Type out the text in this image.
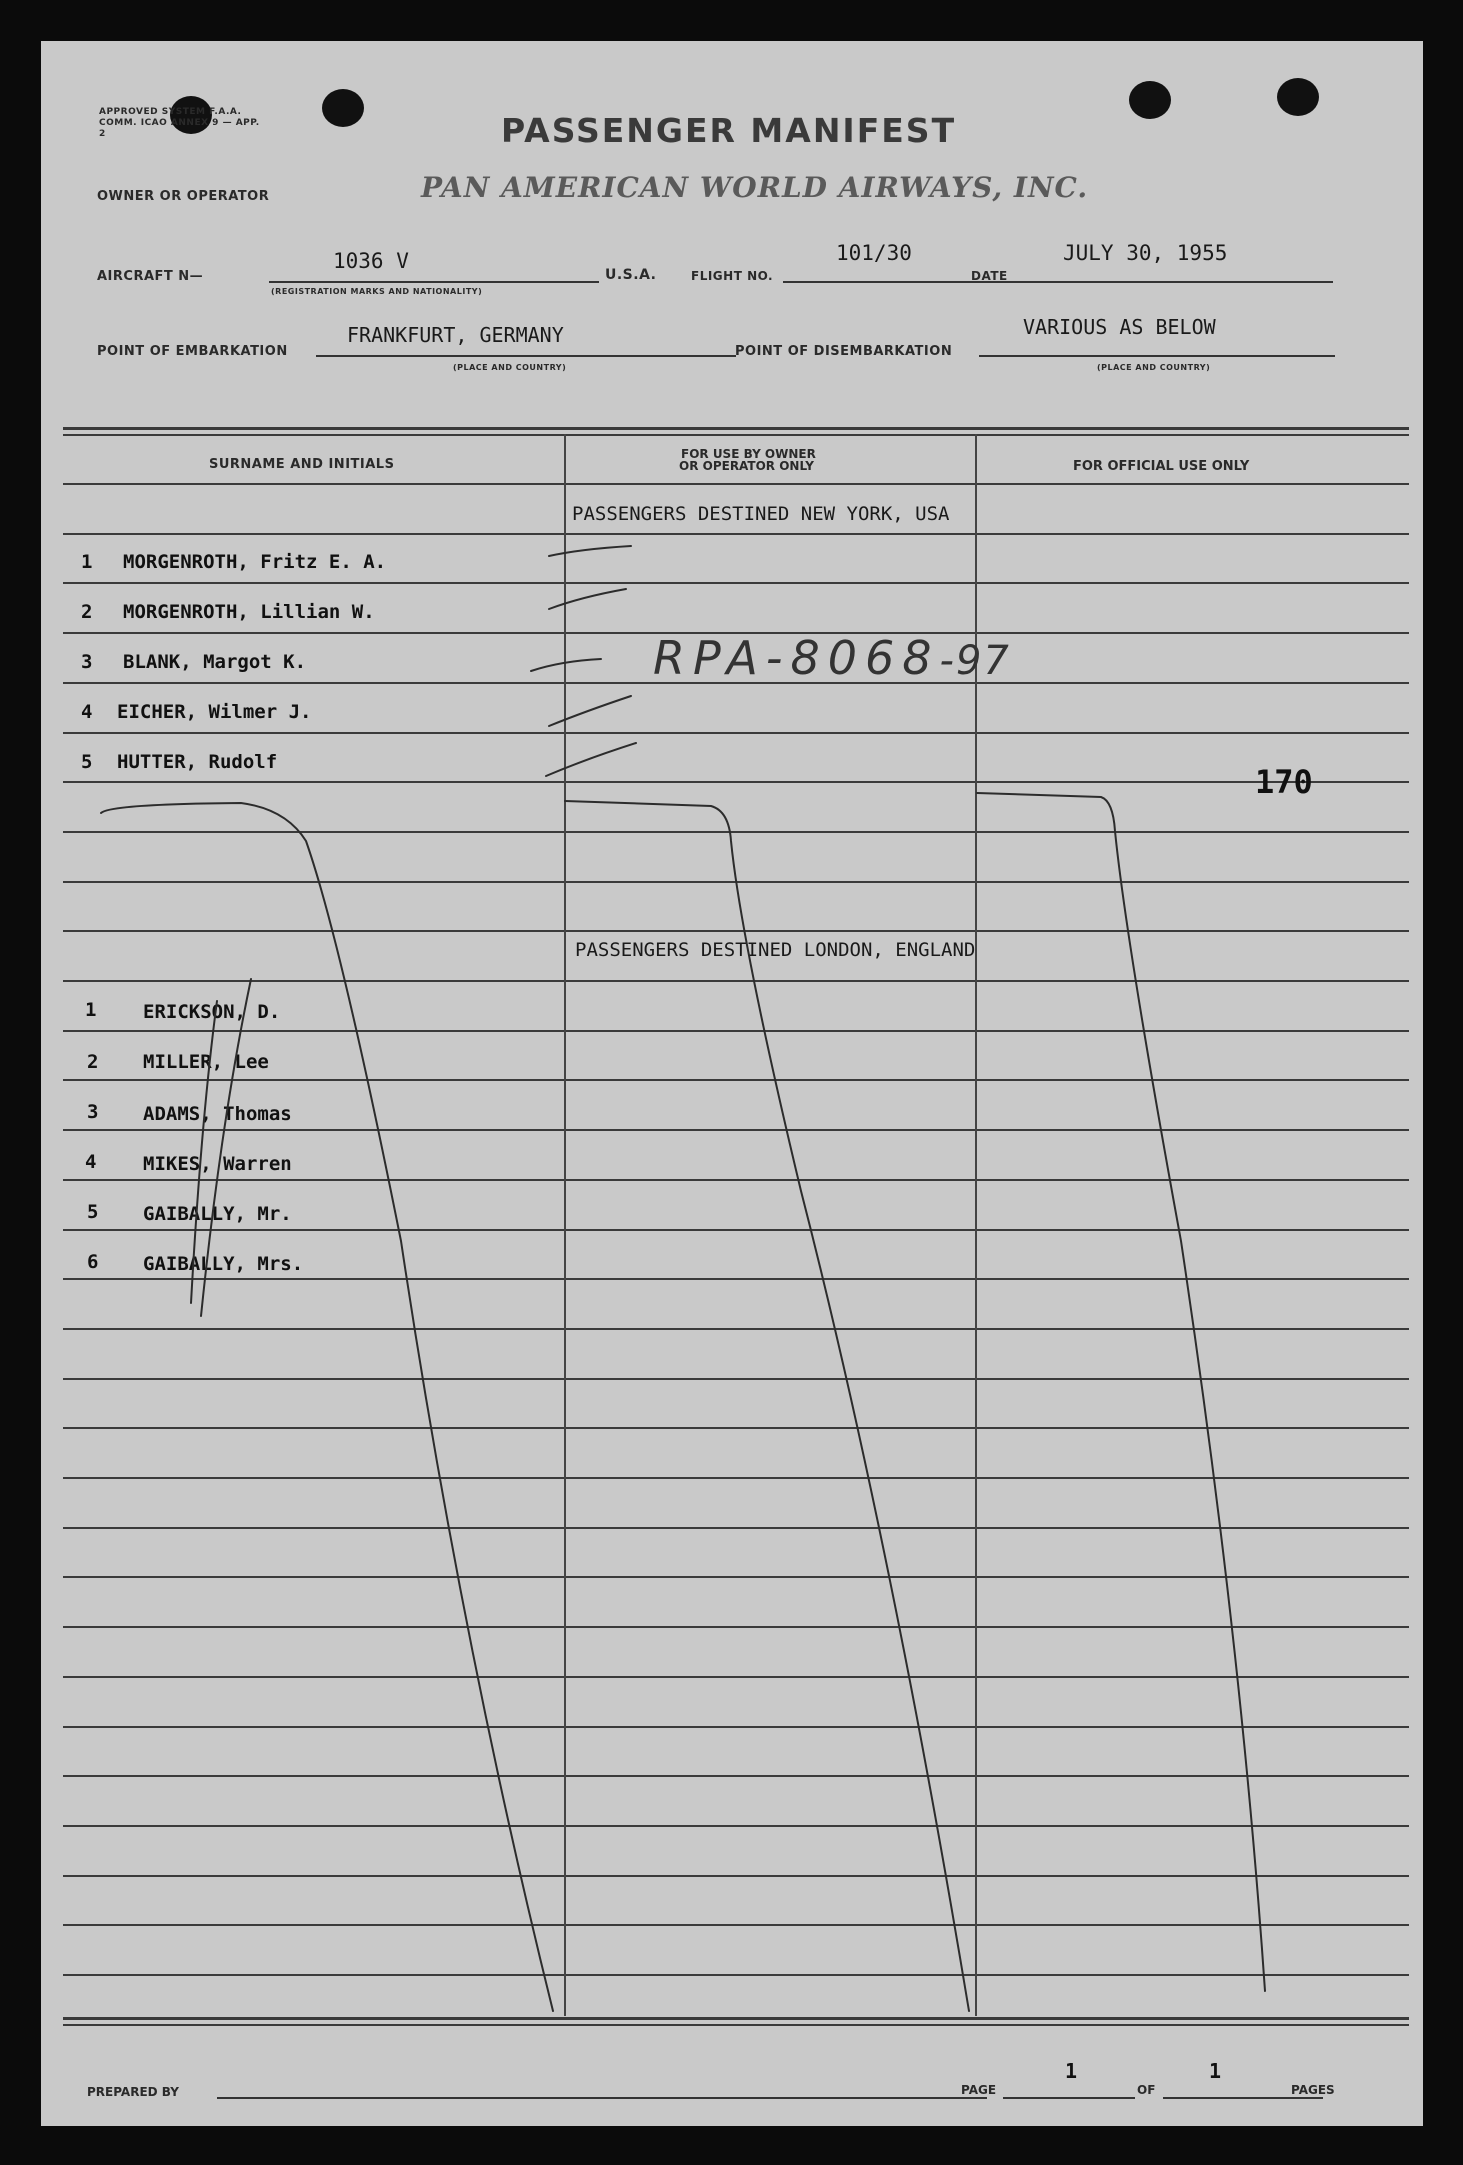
APPROVED SYSTEM F.A.A. COMM. ICAO ANNEX 9 — APP. 2	PASSENGER MANIFEST
OWNER OR OPERATOR	PAN AMERICAN WORLD AIRWAYS, INC.
AIRCRAFT N—
1036 V
(REGISTRATION MARKS AND NATIONALITY)
U.S.A.	FLIGHT NO.
101/30
DATE
JULY 30, 1955
POINT OF EMBARKATION
FRANKFURT, GERMANY
(PLACE AND COUNTRY)
POINT OF DISEMBARKATION
VARIOUS AS BELOW
(PLACE AND COUNTRY)
SURNAME AND INITIALS
FOR USE BY OWNER
OR OPERATOR ONLY	FOR OFFICIAL USE ONLY
PASSENGERS DESTINED NEW YORK, USA
1 MORGENROTH, Fritz E. A.
2 MORGENROTH, Lillian W.
3 BLANK, Margot K.
4 EICHER, Wilmer J.
5 HUTTER, Rudolf
RPA-8068-97
170
PASSENGERS DESTINED LONDON, ENGLAND
1 ERICKSON, D.
2 MILLER, Lee
3 ADAMS, Thomas
4 MIKES, Warren
5 GAIBALLY, Mr.
6 GAIBALLY, Mrs.
PREPARED BY	PAGE
1
OF
1
PAGES
